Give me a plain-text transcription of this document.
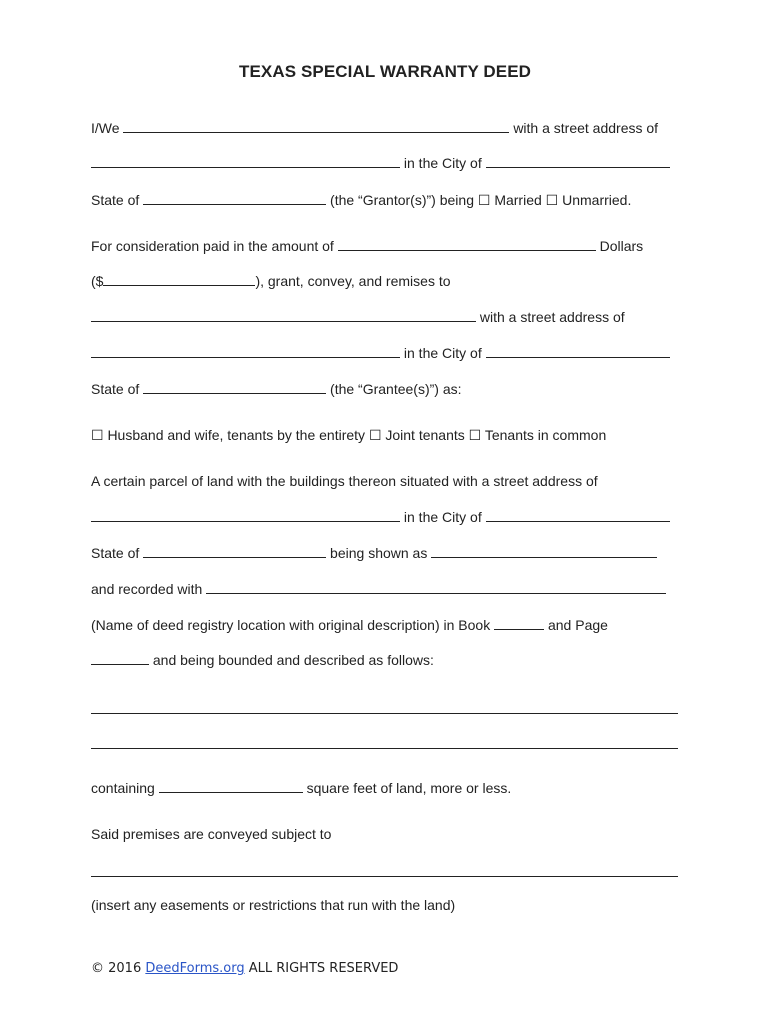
TEXAS SPECIAL WARRANTY DEED
I/We	with a street address of
in the City of
State of	(the “Grantor(s)”) being ☐ Married ☐ Unmarried.
For consideration paid in the amount of	Dollars
($	), grant, convey, and remises to
with a street address of
in the City of
State of	(the “Grantee(s)”) as:
☐ Husband and wife, tenants by the entirety ☐ Joint tenants ☐ Tenants in common
A certain parcel of land with the buildings thereon situated with a street address of
in the City of
State of	being shown as
and recorded with
(Name of deed registry location with original description) in Book	and Page
and being bounded and described as follows:
containing	square feet of land, more or less.
Said premises are conveyed subject to
(insert any easements or restrictions that run with the land)
© 2016 DeedForms.org ALL RIGHTS RESERVED
